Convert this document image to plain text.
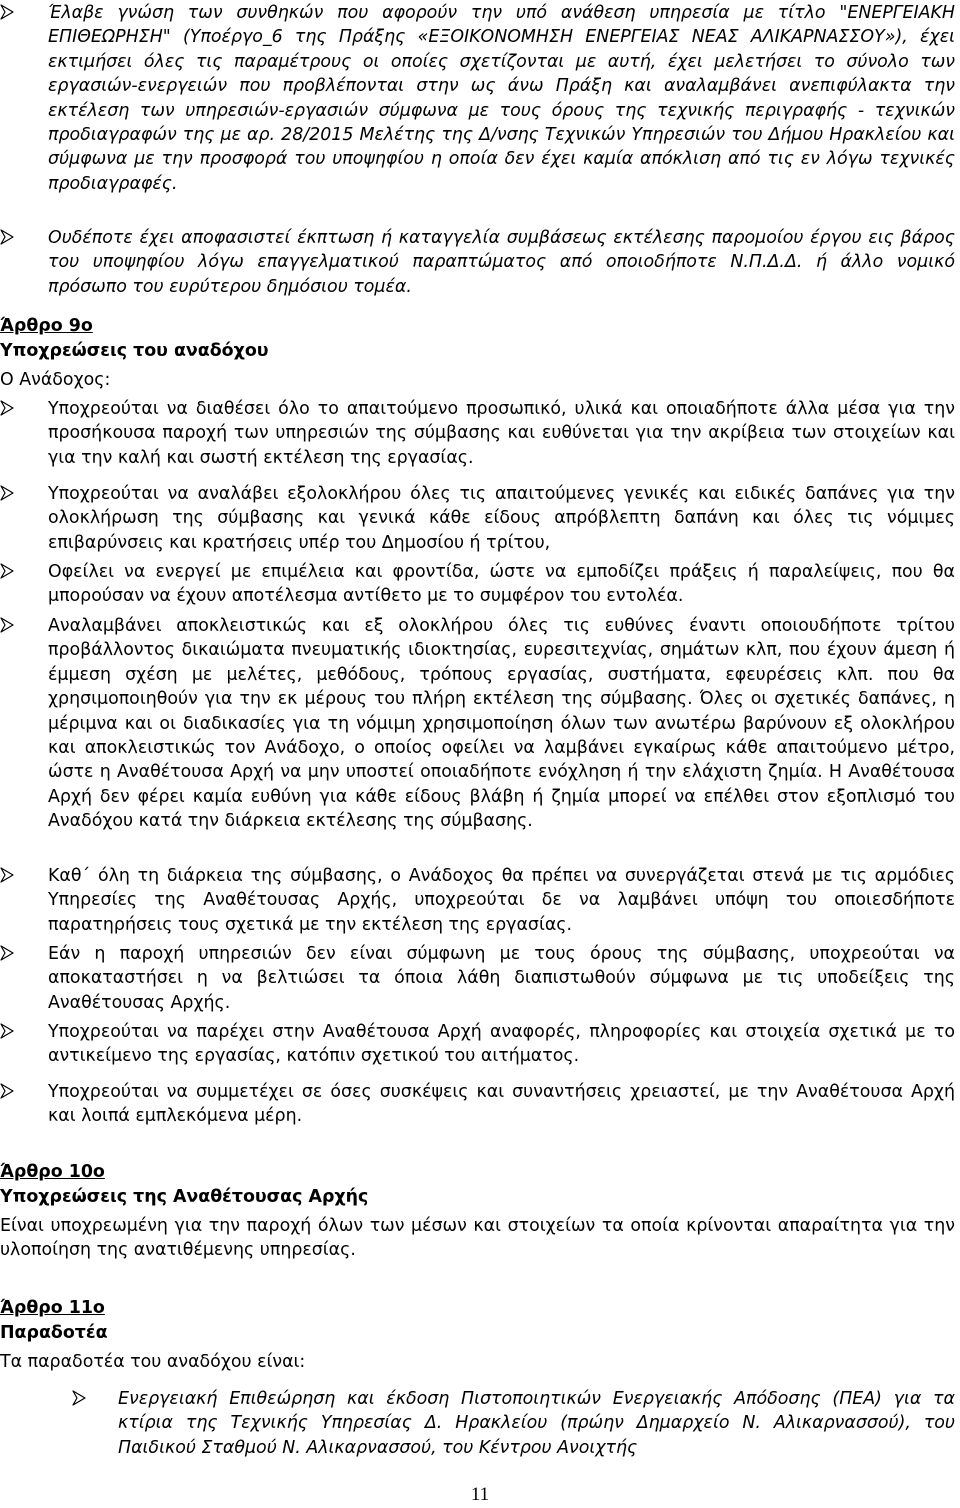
Έλαβε γνώση των συνθηκών που αφορούν την υπό ανάθεση υπηρεσία με τίτλο "ΕΝΕΡΓΕΙΑΚΗ ΕΠΙΘΕΩΡΗΣΗ" (Υποέργο_6 της Πράξης «ΕΞΟΙΚΟΝΟΜΗΣΗ ΕΝΕΡΓΕΙΑΣ ΝΕΑΣ ΑΛΙΚΑΡΝΑΣΣΟΥ»), έχει εκτιμήσει όλες τις παραμέτρους οι οποίες σχετίζονται με αυτή, έχει μελετήσει το σύνολο των εργασιών-ενεργειών που προβλέπονται στην ως άνω Πράξη και αναλαμβάνει ανεπιφύλακτα την εκτέλεση των υπηρεσιών-εργασιών σύμφωνα με τους όρους της τεχνικής περιγραφής - τεχνικών προδιαγραφών της με αρ. 28/2015 Μελέτης της Δ/νσης Τεχνικών Υπηρεσιών του Δήμου Ηρακλείου και σύμφωνα με την προσφορά του υποψηφίου η οποία δεν έχει καμία απόκλιση από τις εν λόγω τεχνικές προδιαγραφές.

Ουδέποτε έχει αποφασιστεί έκπτωση ή καταγγελία συμβάσεως εκτέλεσης παρομοίου έργου εις βάρος του υποψηφίου λόγω επαγγελματικού παραπτώματος από οποιοδήποτε Ν.Π.Δ.Δ. ή άλλο νομικό πρόσωπο του ευρύτερου δημόσιου τομέα.

Άρθρο 9ο
Υποχρεώσεις του αναδόχου

Ο Ανάδοχος:

Υποχρεούται να διαθέσει όλο το απαιτούμενο προσωπικό, υλικά και οποιαδήποτε άλλα μέσα για την προσήκουσα παροχή των υπηρεσιών της σύμβασης και ευθύνεται για την ακρίβεια των στοιχείων και για την καλή και σωστή εκτέλεση της εργασίας.

Υποχρεούται να αναλάβει εξολοκλήρου όλες τις απαιτούμενες γενικές και ειδικές δαπάνες για την ολοκλήρωση της σύμβασης και γενικά κάθε είδους απρόβλεπτη δαπάνη και όλες τις νόμιμες επιβαρύνσεις και κρατήσεις υπέρ του Δημοσίου ή τρίτου,

Οφείλει να ενεργεί με επιμέλεια και φροντίδα, ώστε να εμποδίζει πράξεις ή παραλείψεις, που θα μπορούσαν να έχουν αποτέλεσμα αντίθετο με το συμφέρον του εντολέα.

Αναλαμβάνει αποκλειστικώς και εξ ολοκλήρου όλες τις ευθύνες έναντι οποιουδήποτε τρίτου προβάλλοντος δικαιώματα πνευματικής ιδιοκτησίας, ευρεσιτεχνίας, σημάτων κλπ, που έχουν άμεση ή έμμεση σχέση με μελέτες, μεθόδους, τρόπους εργασίας, συστήματα, εφευρέσεις κλπ. που θα χρησιμοποιηθούν για την εκ μέρους του πλήρη εκτέλεση της σύμβασης. Όλες οι σχετικές δαπάνες, η μέριμνα και οι διαδικασίες για τη νόμιμη χρησιμοποίηση όλων των ανωτέρω βαρύνουν εξ ολοκλήρου και αποκλειστικώς τον Ανάδοχο, ο οποίος οφείλει να λαμβάνει εγκαίρως κάθε απαιτούμενο μέτρο, ώστε η Αναθέτουσα Αρχή να μην υποστεί οποιαδήποτε ενόχληση ή την ελάχιστη ζημία. Η Αναθέτουσα Αρχή δεν φέρει καμία ευθύνη για κάθε είδους βλάβη ή ζημία μπορεί να επέλθει στον εξοπλισμό του Αναδόχου κατά την διάρκεια εκτέλεσης της σύμβασης.

Καθ΄ όλη τη διάρκεια της σύμβασης, ο Ανάδοχος θα πρέπει να συνεργάζεται στενά με τις αρμόδιες Υπηρεσίες της Αναθέτουσας Αρχής, υποχρεούται δε να λαμβάνει υπόψη του οποιεσδήποτε παρατηρήσεις τους σχετικά με την εκτέλεση της εργασίας.

Εάν η παροχή υπηρεσιών δεν είναι σύμφωνη με τους όρους της σύμβασης, υποχρεούται να αποκαταστήσει η να βελτιώσει τα όποια λάθη διαπιστωθούν σύμφωνα με τις υποδείξεις της Αναθέτουσας Αρχής.

Υποχρεούται να παρέχει στην Αναθέτουσα Αρχή αναφορές, πληροφορίες και στοιχεία σχετικά με το αντικείμενο της εργασίας, κατόπιν σχετικού του αιτήματος.

Υποχρεούται να συμμετέχει σε όσες συσκέψεις και συναντήσεις χρειαστεί, με την Αναθέτουσα Αρχή και λοιπά εμπλεκόμενα μέρη.

Άρθρο 10ο
Υποχρεώσεις της Αναθέτουσας Αρχής

Είναι υποχρεωμένη για την παροχή όλων των μέσων και στοιχείων τα οποία κρίνονται απαραίτητα για την υλοποίηση της ανατιθέμενης υπηρεσίας.

Άρθρο 11ο
Παραδοτέα

Τα παραδοτέα του αναδόχου είναι:

Ενεργειακή Επιθεώρηση και έκδοση Πιστοποιητικών Ενεργειακής Απόδοσης (ΠΕΑ) για τα κτίρια της Τεχνικής Υπηρεσίας Δ. Ηρακλείου (πρώην Δημαρχείο Ν. Αλικαρνασσού), του Παιδικού Σταθμού Ν. Αλικαρνασσού, του Κέντρου Ανοιχτής

11
